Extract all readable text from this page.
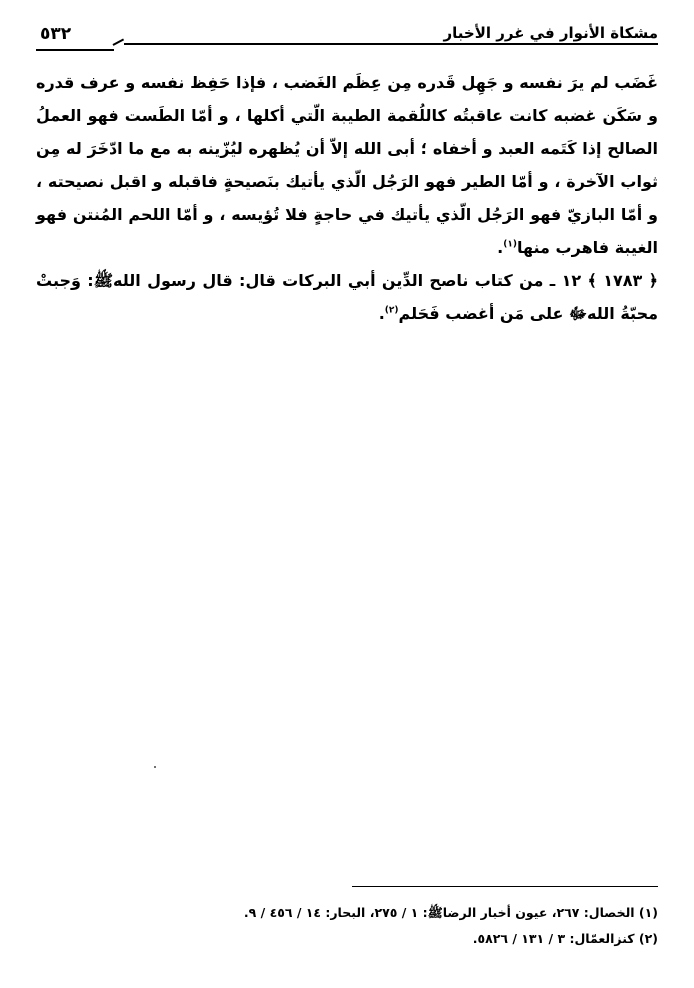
مشكاة الأنوار في غرر الأخبار
٥٣٢

غَضَب لم يرَ نفسه و جَهِل قَدره مِن عِظَم الغَضب ، فإذا حَفِظ نفسه و عرف قدره و سَكَن غضبه كانت عاقبتُه كاللُقمة الطيبة الّتي أكلها ، و أمّا الطَست فهو العملُ الصالح إذا كَتَمه العبد و أخفاه ؛ أبى الله إلاّ أن يُظهره ليُزّينه به مع ما ادّخَرَ له مِن ثواب الآخرة ، و أمّا الطير فهو الرَجُل الّذي يأتيك بنَصيحةٍ فاقبله و اقبل نصيحته ، و أمّا البازيّ فهو الرَجُل الّذي يأتيك في حاجةٍ فلا تُؤيسه ، و أمّا اللحم المُنتن فهو الغيبة فاهرب منها$^{(١)}$.

﴿ ١٧٨٣ ﴾ ١٢ ـ من كتاب ناصح الدِّين أبي البركات قال: قال رسول اللهﷺ: وَجبتْ محبّةُ اللهﷻ على مَن أغضب فَحَلم$^{(٢)}$.

(١) الخصال: ٢٦٧، عيون أخبار الرضاﷺ: ١ / ٢٧٥، البحار: ١٤ / ٤٥٦ / ٩.

(٢) كنزالعمّال: ٣ / ١٣١ / ٥٨٢٦.
